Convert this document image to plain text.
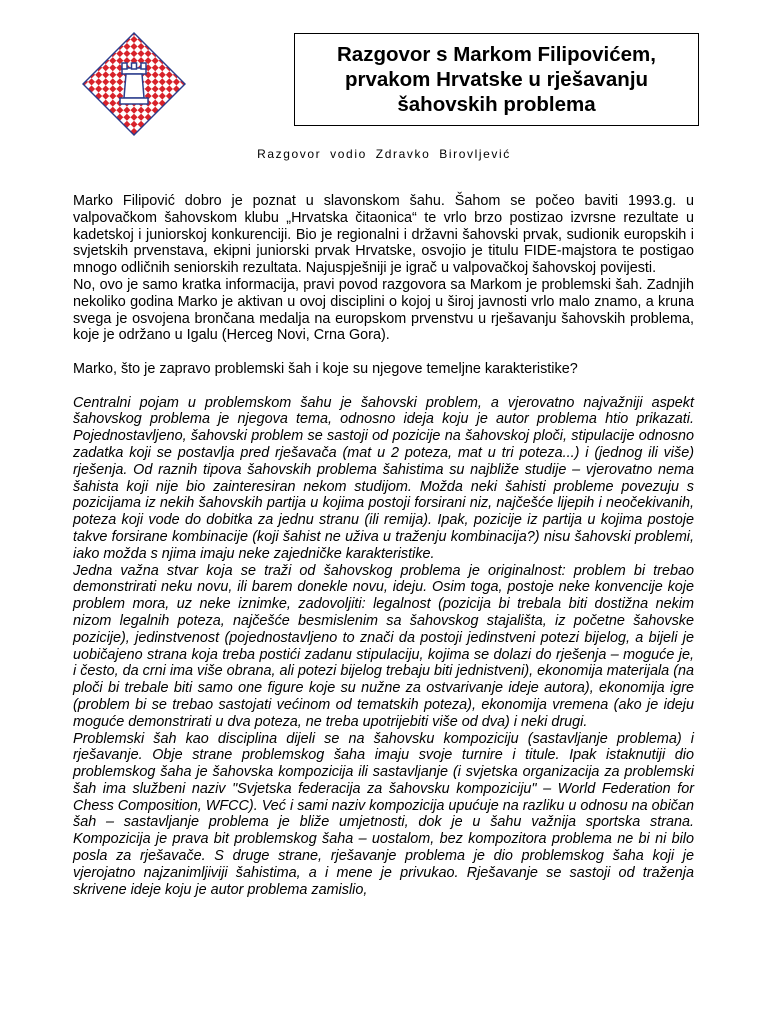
Razgovor s Markom Filipovićem,
prvakom Hrvatske u rješavanju
šahovskih problema
Razgovor vodio Zdravko Birovljević

Marko Filipović dobro je poznat u slavonskom šahu. Šahom se počeo baviti 1993.g. u valpovačkom šahovskom klubu „Hrvatska čitaonica“ te vrlo brzo postizao izvrsne rezultate u kadetskoj i juniorskoj konkurenciji. Bio je regionalni i državni šahovski prvak, sudionik europskih i svjetskih prvenstava, ekipni juniorski prvak Hrvatske, osvojio je titulu FIDE-majstora te postigao mnogo odličnih seniorskih rezultata. Najuspješniji je igrač u valpovačkoj šahovskoj povijesti.

No, ovo je samo kratka informacija, pravi povod razgovora sa Markom je problemski šah. Zadnjih nekoliko godina Marko je aktivan u ovoj disciplini o kojoj u široj javnosti vrlo malo znamo, a kruna svega je osvojena brončana medalja na europskom prvenstvu u rješavanju šahovskih problema, koje je održano u Igalu (Herceg Novi, Crna Gora).

Marko, što je zapravo problemski šah i koje su njegove temeljne karakteristike?

Centralni pojam u problemskom šahu je šahovski problem, a vjerovatno najvažniji aspekt šahovskog problema je njegova tema, odnosno ideja koju je autor problema htio prikazati. Pojednostavljeno, šahovski problem se sastoji od pozicije na šahovskoj ploči, stipulacije odnosno zadatka koji se postavlja pred rješavača (mat u 2 poteza, mat u tri poteza...) i (jednog ili više) rješenja. Od raznih tipova šahovskih problema šahistima su najbliže studije – vjerovatno nema šahista koji nije bio zainteresiran nekom studijom. Možda neki šahisti probleme povezuju s pozicijama iz nekih šahovskih partija u kojima postoji forsirani niz, najčešće lijepih i neočekivanih, poteza koji vode do dobitka za jednu stranu (ili remija). Ipak, pozicije iz partija u kojima postoje takve forsirane kombinacije (koji šahist ne uživa u traženju kombinacija?) nisu šahovski problemi, iako možda s njima imaju neke zajedničke karakteristike.

Jedna važna stvar koja se traži od šahovskog problema je originalnost: problem bi trebao demonstrirati neku novu, ili barem donekle novu, ideju. Osim toga, postoje neke konvencije koje problem mora, uz neke iznimke, zadovoljiti: legalnost (pozicija bi trebala biti dostižna nekim nizom legalnih poteza, najčešće besmislenim sa šahovskog stajališta, iz početne šahovske pozicije), jedinstvenost (pojednostavljeno to znači da postoji jedinstveni potezi bijelog, a bijeli je uobičajeno strana koja treba postići zadanu stipulaciju, kojima se dolazi do rješenja – moguće je, i često, da crni ima više obrana, ali potezi bijelog trebaju biti jednistveni), ekonomija materijala (na ploči bi trebale biti samo one figure koje su nužne za ostvarivanje ideje autora), ekonomija igre (problem bi se trebao sastojati većinom od tematskih poteza), ekonomija vremena (ako je ideju moguće demonstrirati u dva poteza, ne treba upotrijebiti više od dva) i neki drugi.

Problemski šah kao disciplina dijeli se na šahovsku kompoziciju (sastavljanje problema) i rješavanje. Obje strane problemskog šaha imaju svoje turnire i titule. Ipak istaknutiji dio problemskog šaha je šahovska kompozicija ili sastavljanje (i svjetska organizacija za problemski šah ima službeni naziv "Svjetska federacija za šahovsku kompoziciju" – World Federation for Chess Composition, WFCC). Već i sami naziv kompozicija upućuje na razliku u odnosu na običan šah – sastavljanje problema je bliže umjetnosti, dok je u šahu važnija sportska strana. Kompozicija je prava bit problemskog šaha – uostalom, bez kompozitora problema ne bi ni bilo posla za rješavače. S druge strane, rješavanje problema je dio problemskog šaha koji je vjerojatno najzanimljiviji šahistima, a i mene je privukao. Rješavanje se sastoji od traženja skrivene ideje koju je autor problema zamislio,
